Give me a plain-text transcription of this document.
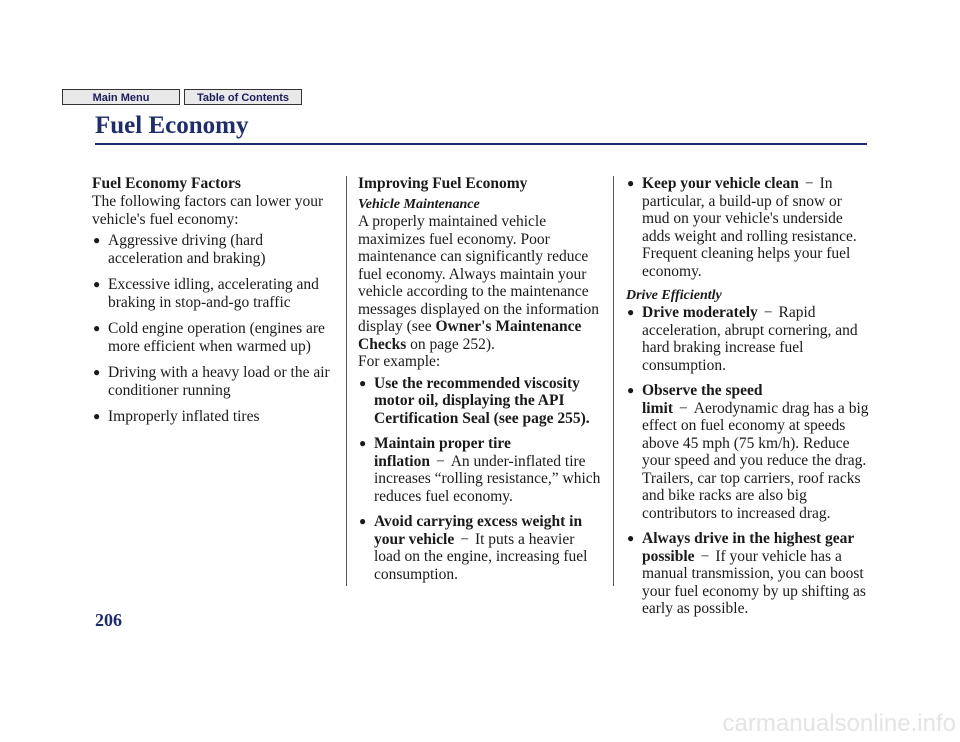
Main Menu	Table of Contents
Fuel Economy
Fuel Economy Factors

The following factors can lower your vehicle's fuel economy:

● Aggressive driving (hard acceleration and braking)
● Excessive idling, accelerating and braking in stop-and-go traffic
● Cold engine operation (engines are more efficient when warmed up)
● Driving with a heavy load or the air conditioner running
● Improperly inflated tires
Improving Fuel Economy
Vehicle Maintenance

A properly maintained vehicle maximizes fuel economy. Poor maintenance can significantly reduce fuel economy. Always maintain your vehicle according to the maintenance messages displayed on the information display (see Owner's Maintenance Checks on page 252).

For example:

● Use the recommended viscosity motor oil, displaying the API Certification Seal (see page 255).
● Maintain proper tire inflation − An under-inflated tire increases “rolling resistance,” which reduces fuel economy.
● Avoid carrying excess weight in your vehicle − It puts a heavier load on the engine, increasing fuel consumption.
● Keep your vehicle clean − In particular, a build-up of snow or mud on your vehicle's underside adds weight and rolling resistance. Frequent cleaning helps your fuel economy.
Drive Efficiently
● Drive moderately − Rapid acceleration, abrupt cornering, and hard braking increase fuel consumption.
● Observe the speed limit − Aerodynamic drag has a big effect on fuel economy at speeds above 45 mph (75 km/h). Reduce your speed and you reduce the drag. Trailers, car top carriers, roof racks and bike racks are also big contributors to increased drag.
● Always drive in the highest gear possible − If your vehicle has a manual transmission, you can boost your fuel economy by up shifting as early as possible.
206
carmanualsonline.info
